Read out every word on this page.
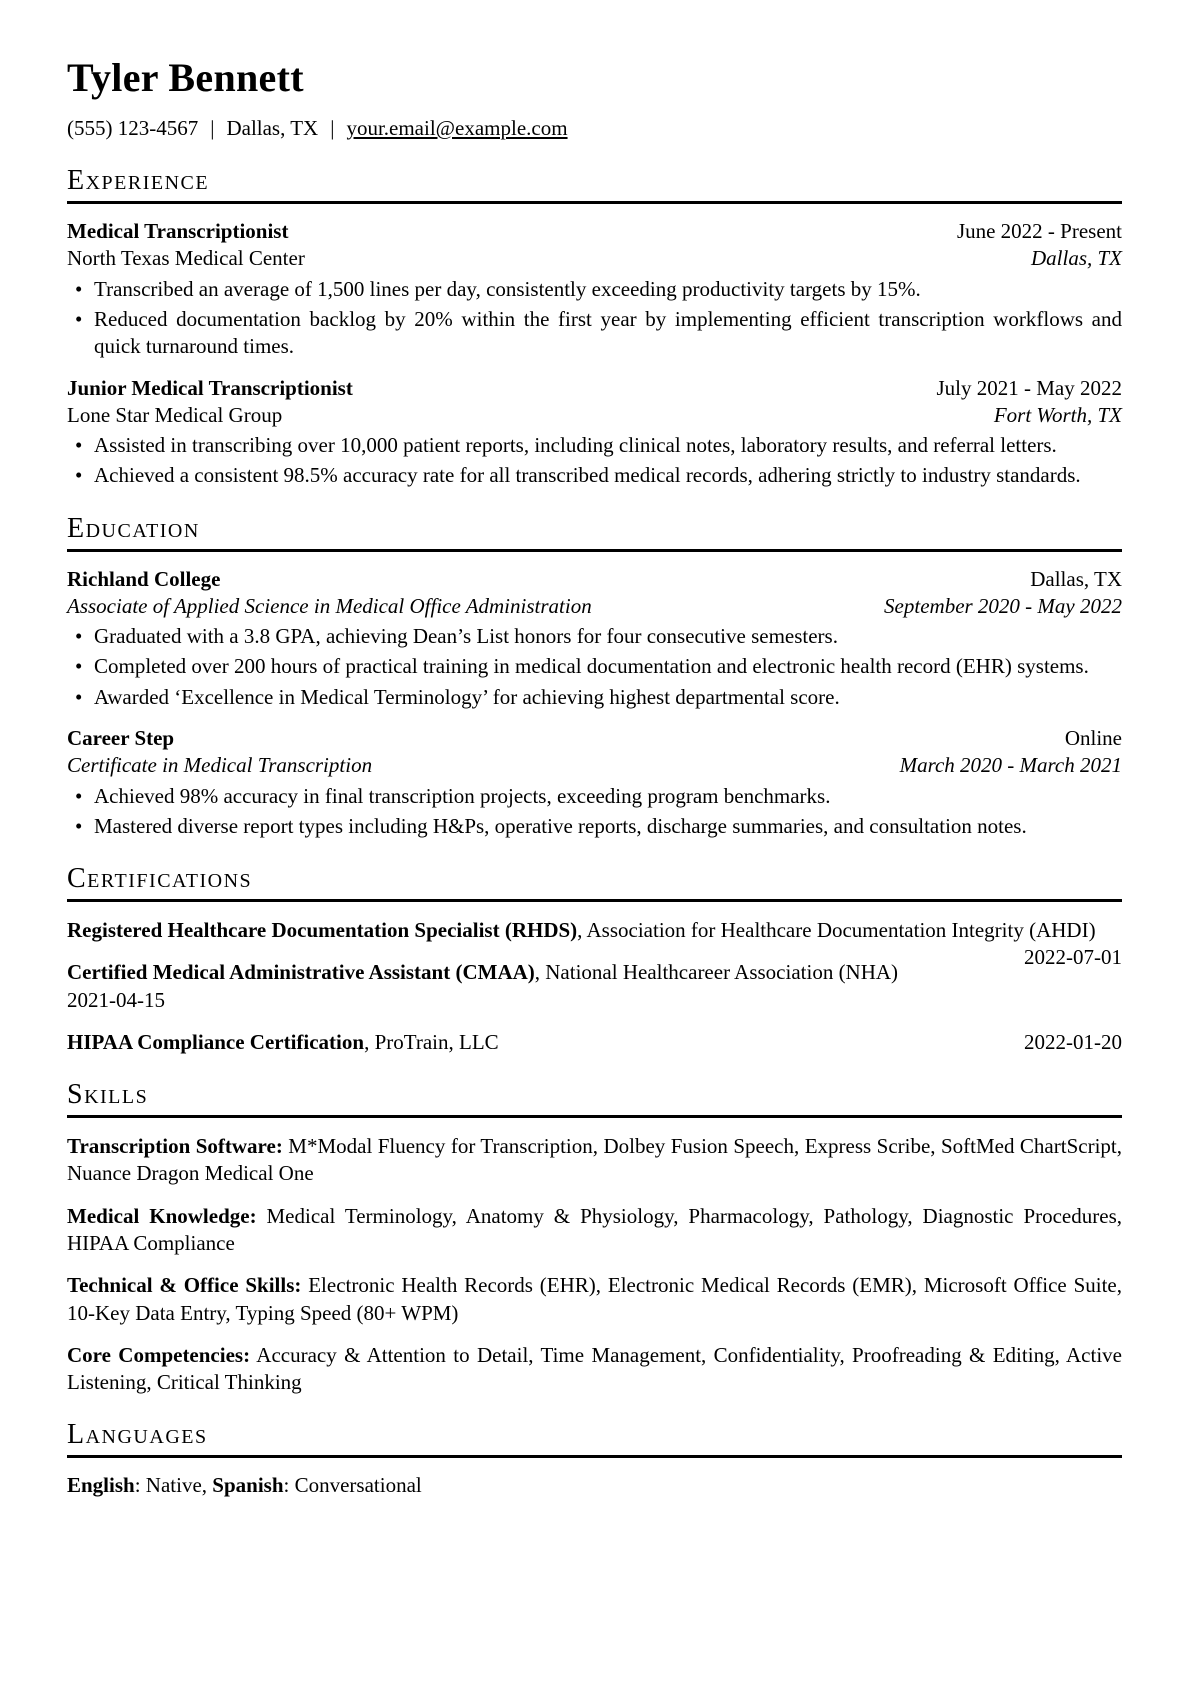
Tyler Bennett

(555) 123-4567 | Dallas, TX | your.email@example.com

Experience
Medical Transcriptionist	June 2022 - Present
North Texas Medical Center	Dallas, TX
• Transcribed an average of 1,500 lines per day, consistently exceeding productivity targets by 15%.
• Reduced documentation backlog by 20% within the first year by implementing efficient transcription workflows and quick turnaround times.
Junior Medical Transcriptionist	July 2021 - May 2022
Lone Star Medical Group	Fort Worth, TX
• Assisted in transcribing over 10,000 patient reports, including clinical notes, laboratory results, and referral letters.
• Achieved a consistent 98.5% accuracy rate for all transcribed medical records, adhering strictly to industry standards.
Education
Richland College	Dallas, TX
Associate of Applied Science in Medical Office Administration	September 2020 - May 2022
• Graduated with a 3.8 GPA, achieving Dean’s List honors for four consecutive semesters.
• Completed over 200 hours of practical training in medical documentation and electronic health record (EHR) systems.
• Awarded ‘Excellence in Medical Terminology’ for achieving highest departmental score.
Career Step	Online
Certificate in Medical Transcription	March 2020 - March 2021
• Achieved 98% accuracy in final transcription projects, exceeding program benchmarks.
• Mastered diverse report types including H&Ps, operative reports, discharge summaries, and consultation notes.
Certifications

Registered Healthcare Documentation Specialist (RHDS), Association for Healthcare Documentation Integrity (AHDI)
2022-07-01

Certified Medical Administrative Assistant (CMAA), National Healthcareer Association (NHA)
2021-04-15

HIPAA Compliance Certification, ProTrain, LLC	2022-01-20

Skills

Transcription Software: M*Modal Fluency for Transcription, Dolbey Fusion Speech, Express Scribe, SoftMed ChartScript, Nuance Dragon Medical One

Medical Knowledge: Medical Terminology, Anatomy & Physiology, Pharmacology, Pathology, Diagnostic Procedures, HIPAA Compliance

Technical & Office Skills: Electronic Health Records (EHR), Electronic Medical Records (EMR), Microsoft Office Suite, 10-Key Data Entry, Typing Speed (80+ WPM)

Core Competencies: Accuracy & Attention to Detail, Time Management, Confidentiality, Proofreading & Editing, Active Listening, Critical Thinking

Languages

English: Native, Spanish: Conversational
